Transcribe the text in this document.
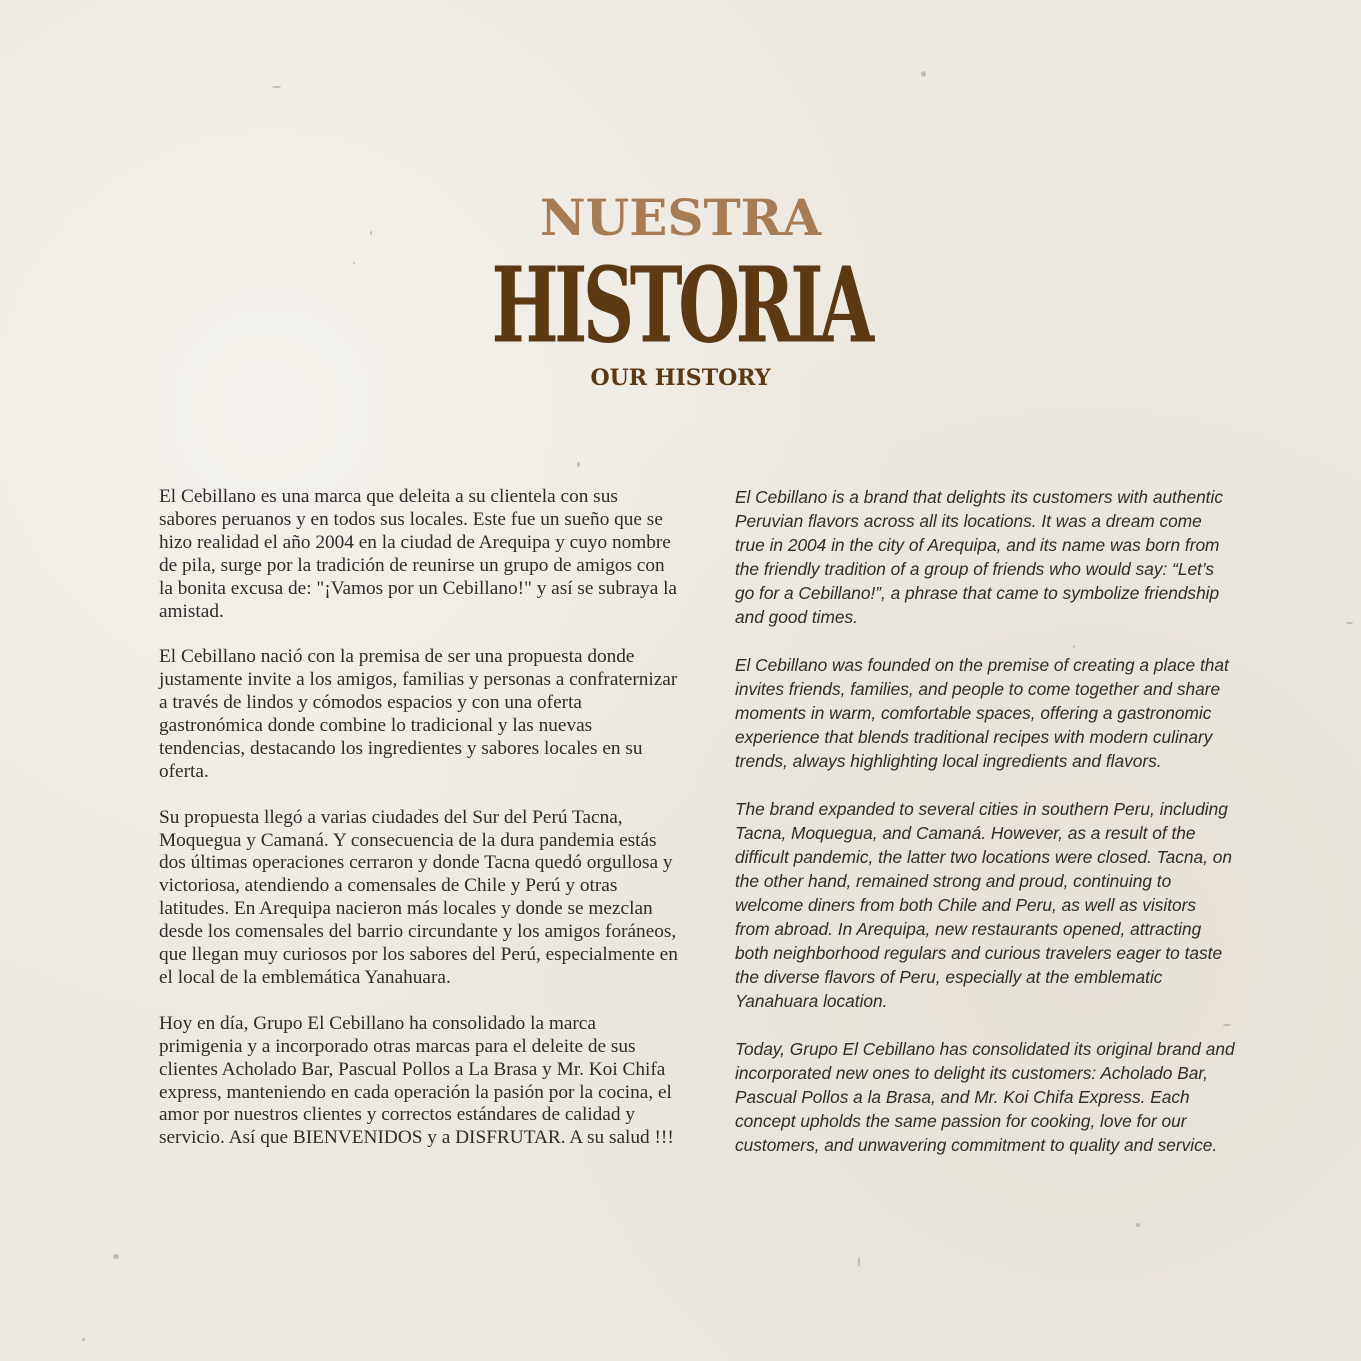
NUESTRA
HISTORIA
OUR HISTORY

El Cebillano es una marca que deleita a su clientela con sus sabores peruanos y en todos sus locales. Este fue un sueño que se hizo realidad el año 2004 en la ciudad de Arequipa y cuyo nombre de pila, surge por la tradición de reunirse un grupo de amigos con la bonita excusa de: "¡Vamos por un Cebillano!" y así se subraya la amistad.

El Cebillano nació con la premisa de ser una propuesta donde justamente invite a los amigos, familias y personas a confraternizar a través de lindos y cómodos espacios y con una oferta gastronómica donde combine lo tradicional y las nuevas tendencias, destacando los ingredientes y sabores locales en su oferta.

Su propuesta llegó a varias ciudades del Sur del Perú Tacna, Moquegua y Camaná. Y consecuencia de la dura pandemia estás dos últimas operaciones cerraron y donde Tacna quedó orgullosa y victoriosa, atendiendo a comensales de Chile y Perú y otras latitudes. En Arequipa nacieron más locales y donde se mezclan desde los comensales del barrio circundante y los amigos foráneos, que llegan muy curiosos por los sabores del Perú, especialmente en el local de la emblemática Yanahuara.

Hoy en día, Grupo El Cebillano ha consolidado la marca primigenia y a incorporado otras marcas para el deleite de sus clientes Acholado Bar, Pascual Pollos a La Brasa y Mr. Koi Chifa express, manteniendo en cada operación la pasión por la cocina, el amor por nuestros clientes y correctos estándares de calidad y servicio. Así que BIENVENIDOS y a DISFRUTAR. A su salud !!!

El Cebillano is a brand that delights its customers with authentic Peruvian flavors across all its locations. It was a dream come true in 2004 in the city of Arequipa, and its name was born from the friendly tradition of a group of friends who would say: “Let’s go for a Cebillano!”, a phrase that came to symbolize friendship and good times.

El Cebillano was founded on the premise of creating a place that invites friends, families, and people to come together and share moments in warm, comfortable spaces, offering a gastronomic experience that blends traditional recipes with modern culinary trends, always highlighting local ingredients and flavors.

The brand expanded to several cities in southern Peru, including Tacna, Moquegua, and Camaná. However, as a result of the difficult pandemic, the latter two locations were closed. Tacna, on the other hand, remained strong and proud, continuing to welcome diners from both Chile and Peru, as well as visitors from abroad. In Arequipa, new restaurants opened, attracting both neighborhood regulars and curious travelers eager to taste the diverse flavors of Peru, especially at the emblematic Yanahuara location.

Today, Grupo El Cebillano has consolidated its original brand and incorporated new ones to delight its customers: Acholado Bar, Pascual Pollos a la Brasa, and Mr. Koi Chifa Express. Each concept upholds the same passion for cooking, love for our customers, and unwavering commitment to quality and service.
